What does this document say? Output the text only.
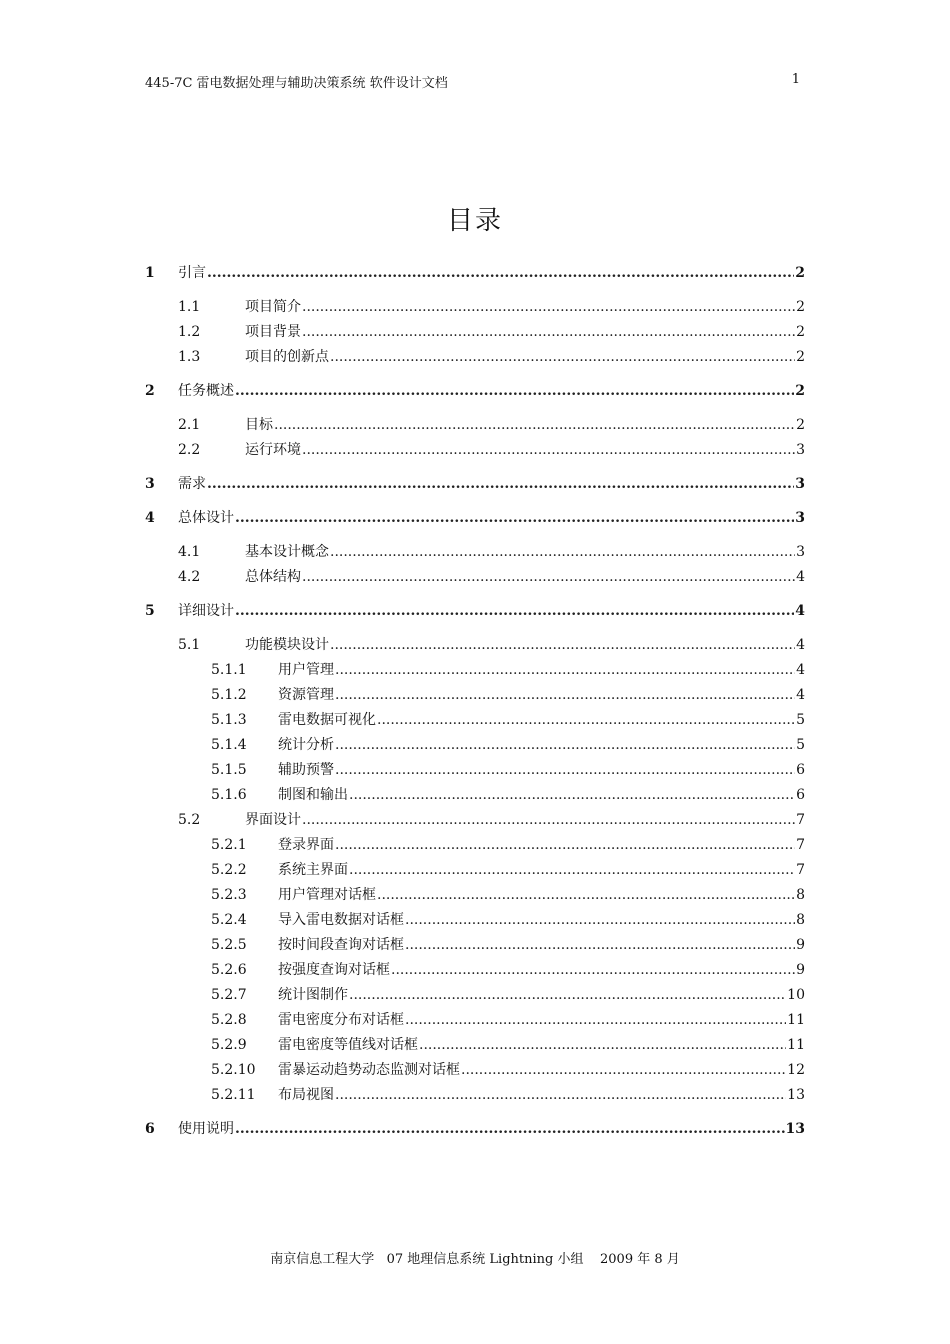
445-7C 雷电数据处理与辅助决策系统 软件设计文档	1
目录
1	引言 .....	2
1.1	项目简介 .....	2
1.2	项目背景 .....	2
1.3	项目的创新点 .....	2
2	任务概述 .....	2
2.1	目标 .....	2
2.2	运行环境 .....	3
3	需求 .....	3
4	总体设计 .....	3
4.1	基本设计概念 .....	3
4.2	总体结构 .....	4
5	详细设计 .....	4
5.1	功能模块设计 .....	4
5.1.1	用户管理 .....	4
5.1.2	资源管理 .....	4
5.1.3	雷电数据可视化 .....	5
5.1.4	统计分析 .....	5
5.1.5	辅助预警 .....	6
5.1.6	制图和输出 .....	6
5.2	界面设计 .....	7
5.2.1	登录界面 .....	7
5.2.2	系统主界面 .....	7
5.2.3	用户管理对话框 .....	8
5.2.4	导入雷电数据对话框 .....	8
5.2.5	按时间段查询对话框 .....	9
5.2.6	按强度查询对话框 .....	9
5.2.7	统计图制作 .....	10
5.2.8	雷电密度分布对话框 .....	11
5.2.9	雷电密度等值线对话框 .....	11
5.2.10	雷暴运动趋势动态监测对话框 .....	12
5.2.11	布局视图 .....	13
6	使用说明 .....	13
南京信息工程大学   07 地理信息系统 Lightning 小组    2009 年 8 月
